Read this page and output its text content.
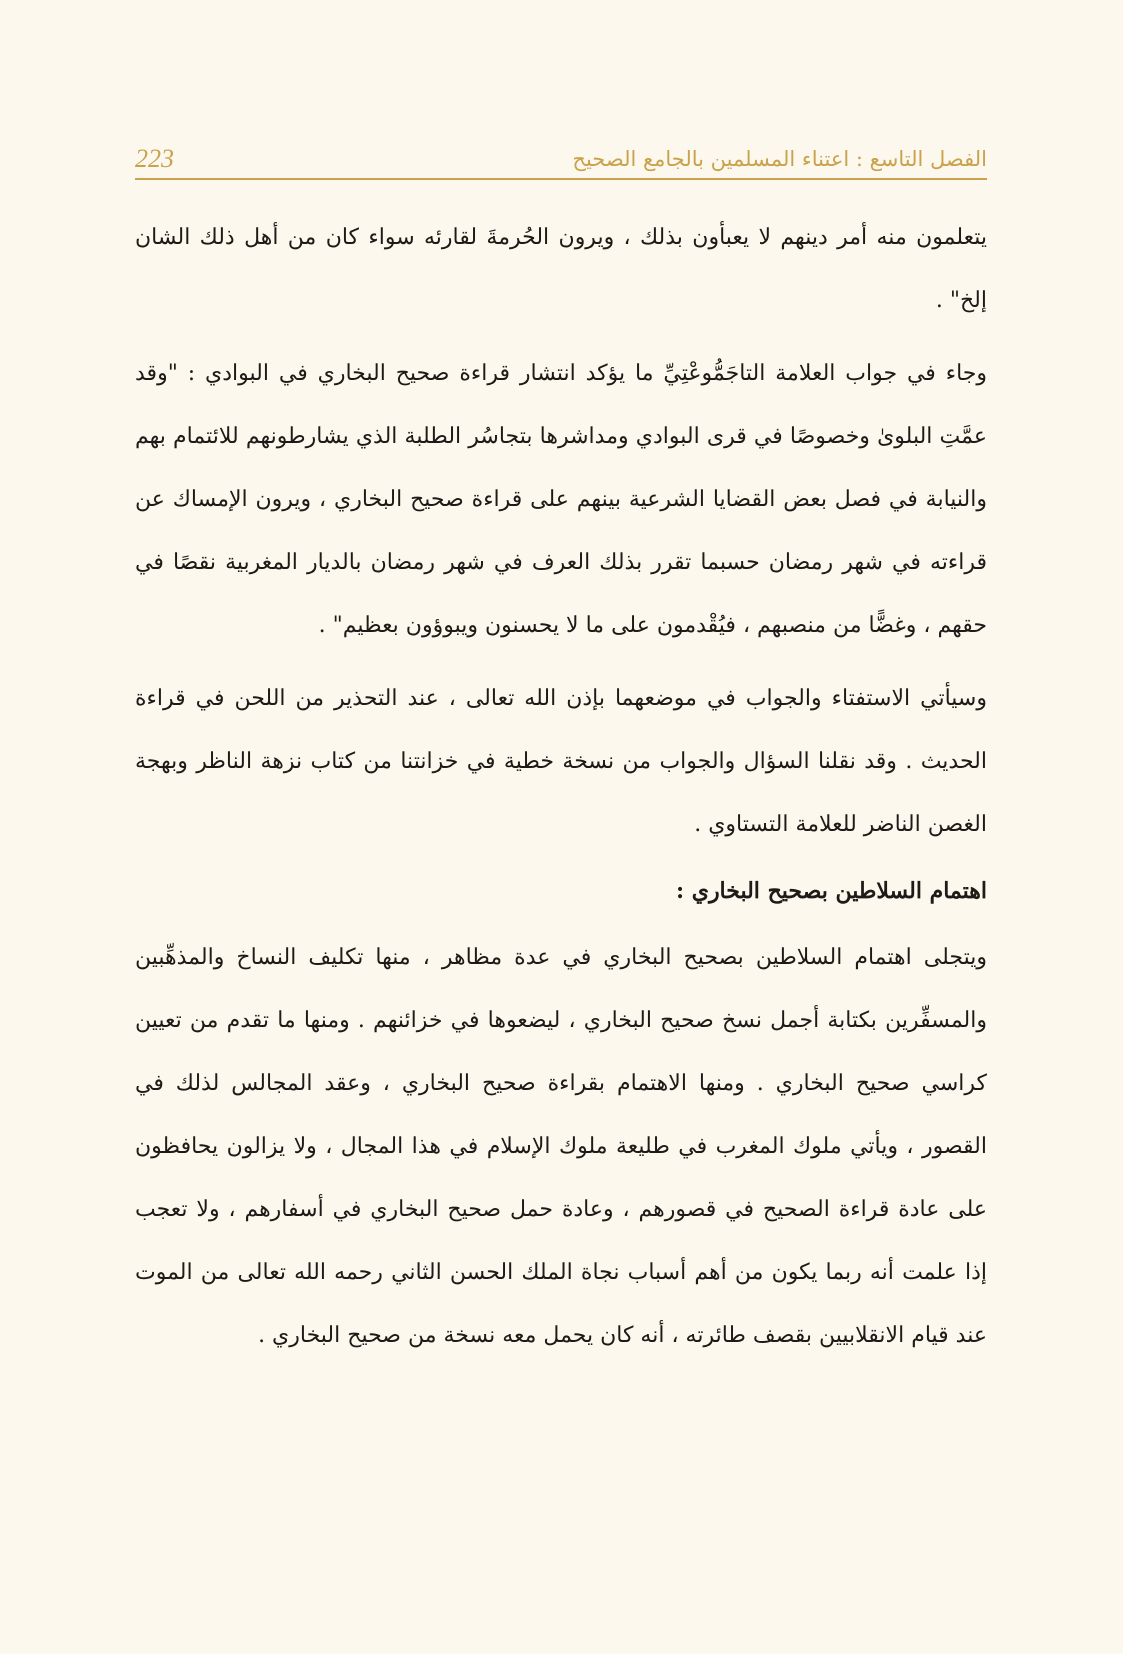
الفصل التاسع : اعتناء المسلمين بالجامع الصحيح
223

يتعلمون منه أمر دينهم لا يعبأون بذلك ، ويرون الحُرمةَ لقارئه سواء كان من أهل ذلك الشان إلخ" .

وجاء في جواب العلامة التاجَمُّوعْتِيِّ ما يؤكد انتشار قراءة صحيح البخاري في البوادي : "وقد عمَّتِ البلوىٰ وخصوصًا في قرى البوادي ومداشرها بتجاسُر الطلبة الذي يشارطونهم للائتمام بهم والنيابة في فصل بعض القضايا الشرعية بينهم على قراءة صحيح البخاري ، ويرون الإمساك عن قراءته في شهر رمضان حسبما تقرر بذلك العرف في شهر رمضان بالديار المغربية نقصًا في حقهم ، وغضًّا من منصبهم ، فيُقْدمون على ما لا يحسنون ويبوؤون بعظيم" .

وسيأتي الاستفتاء والجواب في موضعهما بإذن الله تعالى ، عند التحذير من اللحن في قراءة الحديث . وقد نقلنا السؤال والجواب من نسخة خطية في خزانتنا من كتاب نزهة الناظر وبهجة الغصن الناضر للعلامة التستاوي .

اهتمام السلاطين بصحيح البخاري :

ويتجلى اهتمام السلاطين بصحيح البخاري في عدة مظاهر ، منها تكليف النساخ والمذهِّبين والمسفِّرين بكتابة أجمل نسخ صحيح البخاري ، ليضعوها في خزائنهم . ومنها ما تقدم من تعيين كراسي صحيح البخاري . ومنها الاهتمام بقراءة صحيح البخاري ، وعقد المجالس لذلك في القصور ، ويأتي ملوك المغرب في طليعة ملوك الإسلام في هذا المجال ، ولا يزالون يحافظون على عادة قراءة الصحيح في قصورهم ، وعادة حمل صحيح البخاري في أسفارهم ، ولا تعجب إذا علمت أنه ربما يكون من أهم أسباب نجاة الملك الحسن الثاني رحمه الله تعالى من الموت عند قيام الانقلابيين بقصف طائرته ، أنه كان يحمل معه نسخة من صحيح البخاري .
